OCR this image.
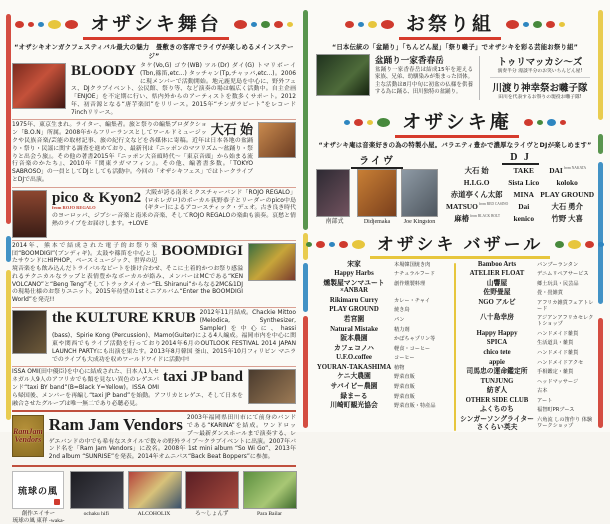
オザシキ舞台
“オザシキオンガクフェスティバル最大の魅力　畳敷きの客席でライヴが楽しめるメインステージ”
BLOODY タケ(Vo,G) ゴウ(WB) ツル(Dr) ダイ(G) トマリボーイ(Tbn,篠笛,etc...) タッチャン(Tp,チャッパ,etc...)。2006に現メンバーで活動開始。地元鹿児島を中心に、野外フェス、DJクラブイベント、公民館、祭り等、など演奏の場は幅広く活動中。自主企画「ENJOE」を不定期に行い、県内外からのアーティストを数多くサポート。2012年、初音源となる“唐芋楽団”をリリース。2015年“チンガラビート”をレコード7inchリリース。
大石 始
1975年、東京生まれ。ライター、編集者。旅と祭りの編集プロダクション「B.O.N」所属。2008年からフリーランスとしてワールドミュージックや民族音楽/芸能の取材記事、旅の紀行文などを各媒体に寄稿。近年は日本各地の盆踊り・祭り・民謡に関する調査を進めており、最新刊は『ニッポンのマツリズム〜盆踊り・祭りと出会う旅』。その他の著書2015年『ニッポン大音頭時代〜「東京音頭」から始まる流行音楽のかたち』、2010年『関東ラガマフィン』。その他、編著書多数。「TOKYO SABROSO」の一員としてDJとしても活動中。今回の「オザシキフェス」ではトークライブとDJで出演。
pico & Kyon2
from ROJO REGALO
大阪が誇る南米ミクスチャーバンド「ROJO REGALO」(ロホレガロ)のボーカル荻野恭子とリーダーのpico中島(ギター)によるアコースティック・デュオ。古き良き時代のヨーロッパ、ジプシー音楽と南米の音楽、そしてROJO REGALOの楽曲も演奏。哀愁と情熱のライブをお届けします。+LOVE
BOOMDIGI
2014年、熊本で結成された電子的お祭り楽団“BOOMDIGI”(ブンディギ)。太鼓や篠笛を中心としたサウンドにHIPHOP、ベースミュージック、世界の辺境音楽をも飲み込んだトライバルなビートを掛け合わせ、そこに土着的かつお祭り感溢れるテクニカルなラップと表情豊かなボーカルが絡み、メンバーはMCである“KEN VOLCANO”と“Beng Teng”そしてトラックメイカー“EL Shiranui”からなる2MC&1DJの現場仕様のお祭りユニット。2015年待望の1stミニアルバム“Enter the BOOMDIGI World”を発売!!
the KULTURE KRUB 2012年11月結成。Chackie Mittoo (Melodica, Synthesizer, Sampler)を中心に、hassi (bass)、Spirie Kong (Percussion)、Mamo(Guiter)による4人編成。福岡市内を中心に関東や関西でもライブ活動を行っており2014年6月のOUTLOOK FESTIVAL 2014 JAPAN LAUNCH PARTYにも出演を果たす。2013年8月韓国 釜山、2015年10月フィリピン マニラでのライブも大成功を収めワールドワイドに活動中!
taxi JP band
ISSA OMI(田中優臣)を中心に結成された、日本人1人セネガル人9人のアフリカでも類を見ない異色のレゲエバンド“taxi BY band”(B=Black Y=Yellow)。ISSA OMIら帰国後、メンバーを再編し“taxi JP band”を始動。アフリカとレゲエ、そして日本を融合させたグループは唯一無二であり必聴必見。
RamJam
Vendors
Ram Jam Vendors 2003年福岡県田川市にて前身のバンドである“KARINA”を結成。ワンドロップ〜最新ダンスホールまで演奏する、レゲエバンドの中でも希有なスタイルで数々の野外ライブ〜クラブイベントに出演。2007年バンド名を「Ram Jam Vendors」に改名。2008年 1st mini album “So Wi Go”、2013年 2nd album “SUNRISE”を発表。2014年オムニバス“Back Beat Boppers”に参加。
琉球の風
創作エイサー
琉球の風 東祥 -waka-
ochaku hifi	ALCOHOLIX	ろ〜しょんず	Para Bailar
お祭り組
“日本伝統の「盆踊り」「ちんどん屋」「祭り囃子」でオザシキを彩る芸能お祭り組”
盆踊り一家香春岳
盆踊り一家香春岳は結成15年を迎える家族、兄弟、幼馴染みが集まった団体。主な活動は8月中旬に初盆の仏様を供養する為に踊る、田川独特の盆踊り。
トゥリマッカシ〜ズ
演奏半分 漫談半分のお笑いちんどん屋!
川渡り神幸祭お囃子隊
田川を代表するお祭りの現役お囃子隊!
オザシキ庵
“オザシキ庵は音楽好きの為の特製小屋。バラエティ豊かで濃厚なライヴとDJが楽しめます”
ライヴ
南部式	Didjemaka	Joe Kingston
D J
大石 始
H.I.G.O
赤道亭くん太郎
MATSUO$^{from RED CASINO}$
麻椿$^{from BLACK BOLT}$
TAKE
Sista Lico
MINA
Dai
kenico
DAI$^{from NAKATA}$
koloko
PLAY GROUND
大石 勇介
竹野 大喜
オザシキ バザール
宋家	本場韓国焼き肉
Happy Harbs	ナチュラルフード
燻製屋マンマユート×ANBAR
創作燻製料理
Rikimaru Curry	カレー・チャイ
PLAY GROUND	焼き鳥
若宮園	パン
Natural Mistake	精力剤
阪本農園	かぼちゃプリン等
カフェコノハ	軽食・コーヒー
U.F.O.coffee	コーヒー
YOURAN-TAKASHIMA 植物
ケニ大農園	野菜直販
サバイビー農園	野菜直販
緑まーる	野菜直販
川崎町観光協会	野菜直販・特産品
Bamboo Arts	バンブーランタン
ATELIER FLOAT	デニムリペアサービス
山響屋	郷土玩具・民芸品
佐野畳屋	畳・畳雑貨
NGO アルビ	アフリカ雑貨フェアトレード
八十島幸房	アジアンアフリカセレクトショップ
Happy Happy	ハンドメイド雑貨
SPICA	生活道具・雑貨
chico tete	ハンドメイド雑貨
appie	ハンドメイドアクセ
司馬忠の運命鑑定所	手相鑑定・雑貨
TUNJUNG	ヘッドマッサージ
紡ぎ人	古本
OTHER SIDE CLUB	アート
ふくちのち	福智町PRブース
シンガーソングライター さくらい英夫
六角流 しの笛作り 体験ワークショップ
